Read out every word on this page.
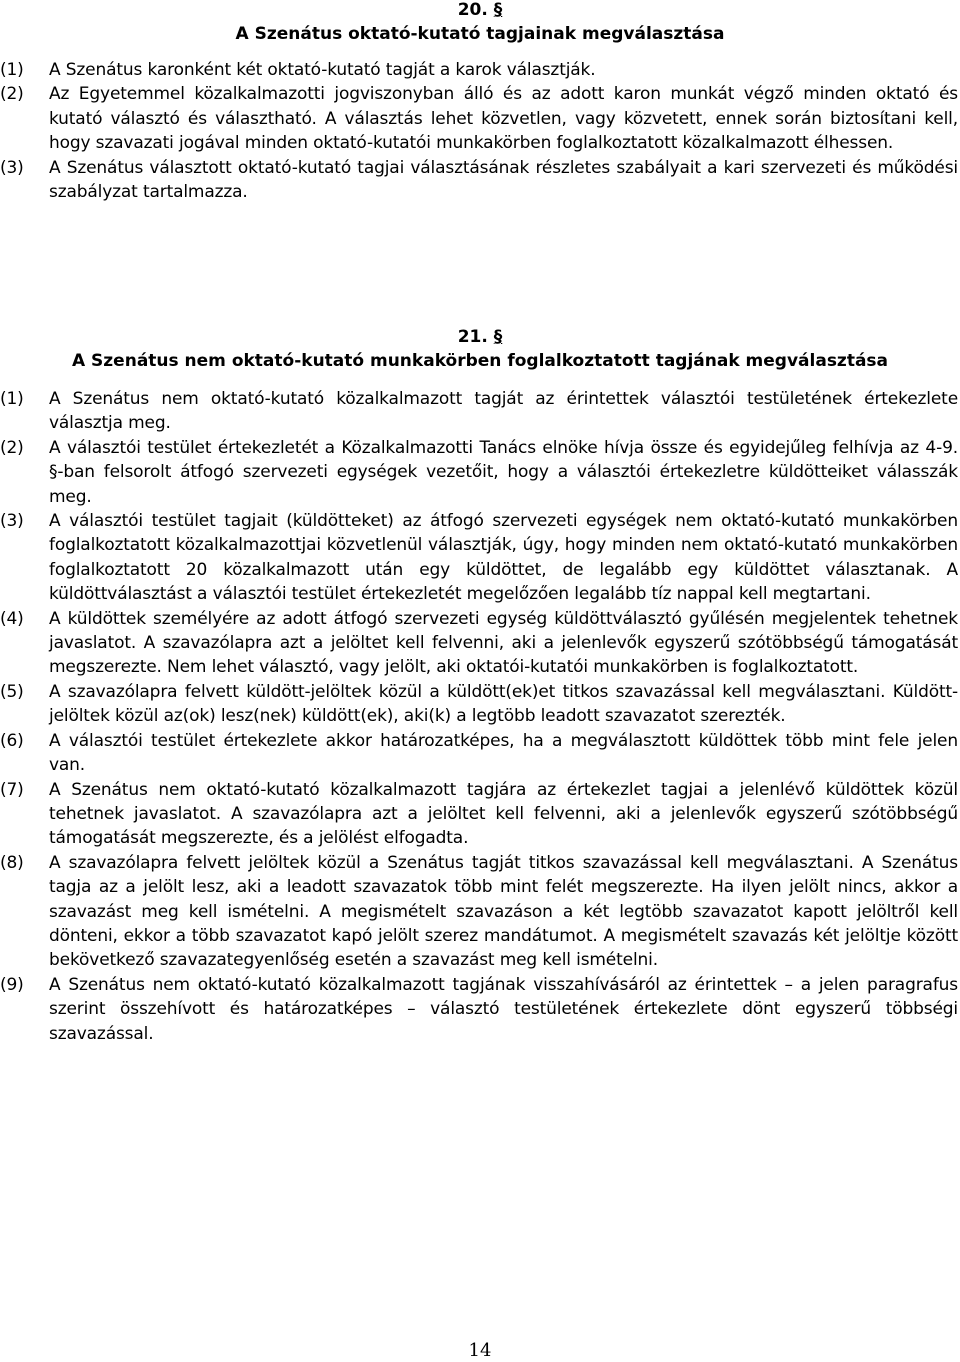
20. §
A Szenátus oktató-kutató tagjainak megválasztása
(1) A Szenátus karonként két oktató-kutató tagját a karok választják.
(2) Az Egyetemmel közalkalmazotti jogviszonyban álló és az adott karon munkát végző minden oktató és kutató választó és választható. A választás lehet közvetlen, vagy közvetett, ennek során biztosítani kell, hogy szavazati jogával minden oktató-kutatói munkakörben foglalkoztatott közalkalmazott élhessen.
(3) A Szenátus választott oktató-kutató tagjai választásának részletes szabályait a kari szervezeti és működési szabályzat tartalmazza.
21. §
A Szenátus nem oktató-kutató munkakörben foglalkoztatott tagjának megválasztása
(1) A Szenátus nem oktató-kutató közalkalmazott tagját az érintettek választói testületének értekezlete választja meg.
(2) A választói testület értekezletét a Közalkalmazotti Tanács elnöke hívja össze és egyidejűleg felhívja az 4-9. §-ban felsorolt átfogó szervezeti egységek vezetőit, hogy a választói értekezletre küldötteiket válasszák meg.
(3) A választói testület tagjait (küldötteket) az átfogó szervezeti egységek nem oktató-kutató munkakörben foglalkoztatott közalkalmazottjai közvetlenül választják, úgy, hogy minden nem oktató-kutató munkakörben foglalkoztatott 20 közalkalmazott után egy küldöttet, de legalább egy küldöttet választanak. A küldöttválasztást a választói testület értekezletét megelőzően legalább tíz nappal kell megtartani.
(4) A küldöttek személyére az adott átfogó szervezeti egység küldöttválasztó gyűlésén megjelentek tehetnek javaslatot. A szavazólapra azt a jelöltet kell felvenni, aki a jelenlevők egyszerű szótöbbségű támogatását megszerezte. Nem lehet választó, vagy jelölt, aki oktatói-kutatói munkakörben is foglalkoztatott.
(5) A szavazólapra felvett küldött-jelöltek közül a küldött(ek)et titkos szavazással kell megválasztani. Küldött-jelöltek közül az(ok) lesz(nek) küldött(ek), aki(k) a legtöbb leadott szavazatot szerezték.
(6) A választói testület értekezlete akkor határozatképes, ha a megválasztott küldöttek több mint fele jelen van.
(7) A Szenátus nem oktató-kutató közalkalmazott tagjára az értekezlet tagjai a jelenlévő küldöttek közül tehetnek javaslatot. A szavazólapra azt a jelöltet kell felvenni, aki a jelenlevők egyszerű szótöbbségű támogatását megszerezte, és a jelölést elfogadta.
(8) A szavazólapra felvett jelöltek közül a Szenátus tagját titkos szavazással kell megválasztani. A Szenátus tagja az a jelölt lesz, aki a leadott szavazatok több mint felét megszerezte. Ha ilyen jelölt nincs, akkor a szavazást meg kell ismételni. A megismételt szavazáson a két legtöbb szavazatot kapott jelöltről kell dönteni, ekkor a több szavazatot kapó jelölt szerez mandátumot. A megismételt szavazás két jelöltje között bekövetkező szavazategyenlőség esetén a szavazást meg kell ismételni.
(9) A Szenátus nem oktató-kutató közalkalmazott tagjának visszahívásáról az érintettek – a jelen paragrafus szerint összehívott és határozatképes – választó testületének értekezlete dönt egyszerű többségi szavazással.
14
